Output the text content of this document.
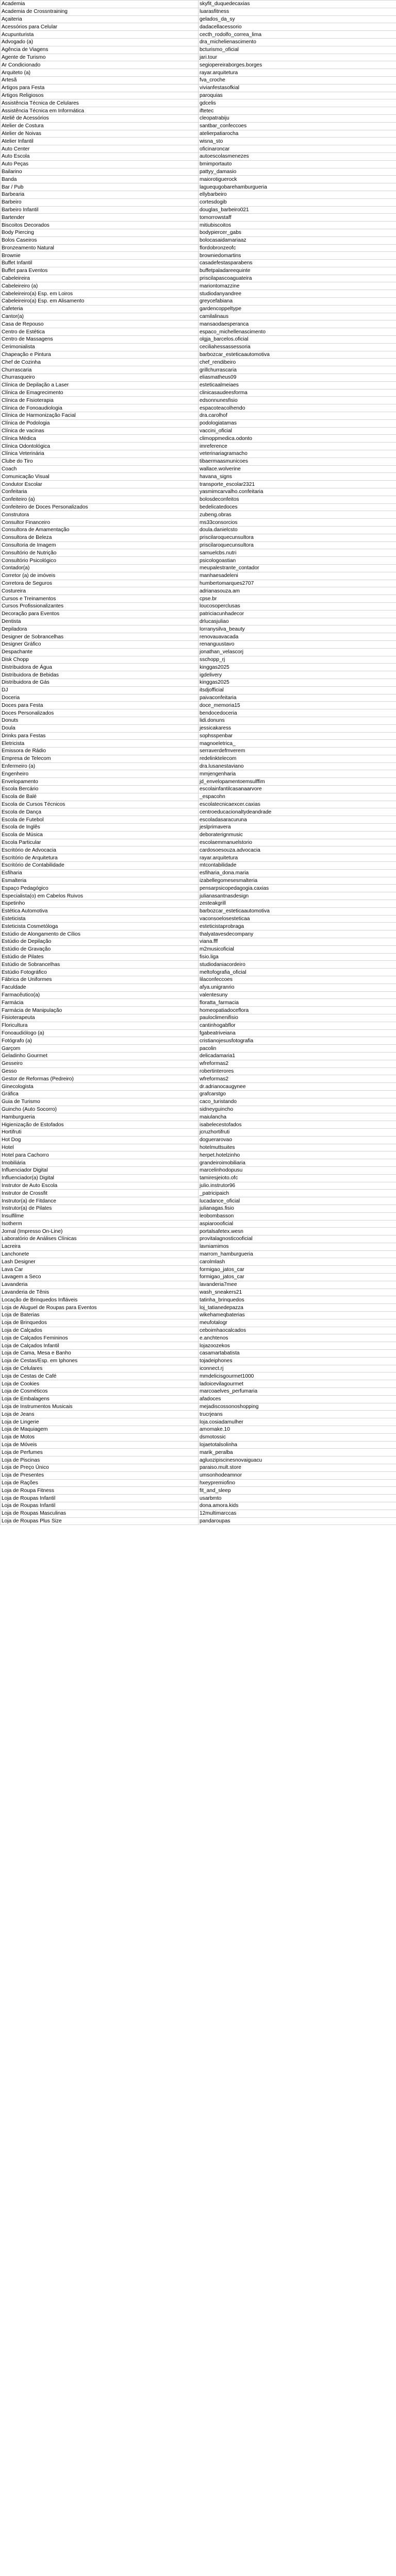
Academia	skyfit_duquedecaxias
Academia de Crossntraining	luarasfitness
Açaiteria	gelados_da_sy
Acessórios para Celular	dadacellacessorio
Acupunturista	cecth_rodolfo_correa_lima
Advogado (a)	dra_michelienascimento
Agência de Viagens	bcturismo_oficial
Agente de Turismo	jari.tour
Ar Condicionado	segiopereiraborges.borges
Arquiteto (a)	rayar.arquitetura
Artesã	fva_croche
Artigos para Festa	vivianfestasofkial
Artigos Religiosos	paroquias
Assistência Técnica de Celulares	gdcelis
Assistência Técnica em Informática	iftetec
Ateliê de Acessórios	cleopatrabiju
Atelier de Costura	santbar_confeccoes
Atelier de Noivas	atelierpatiarocha
Atelier Infantil	wisna_sto
Auto Center	oficinaroncar
Auto Escola	autoescolasmenezes
Auto Peças	bmimportauto
Bailarino	pattyy_damasio
Banda	maiorotiguerock
Bar / Pub	laguequgobarehamburgueria
Barbearia	ellybarbeiro
Barbeiro	cortesdogib
Barbeiro Infantil	douglas_barbeiro021
Bartender	tomorrowstaff
Biscoitos Decorados	mitiubiscoitos
Body Piercing	bodypiercer_gabs
Bolos Caseiros	bolocasaidamariaaz
Bronzeamento Natural	flordobronzeofc
Brownie	browniedomartins
Buffet Infantil	casadefestasparabens
Buffet para Eventos	buffetpaladareequinte
Cabeleireira	priscilapascoaguateira
Cabeleireiro (a)	mariontomazzine
Cabeleireiro(a) Esp. em Loiros	studiodanyandree
Cabeleireiro(a) Esp. em Alisamento	greycefabiana
Cafeteria	gardencoppeltype
Cantor(a)	camilalinaus
Casa de Repouso	mansaodaesperanca
Centro de Estética	espaco_michellenascimento
Centro de Massagens	olgja_barcelos.oficial
Cerimonialista	ceciliahessassessoria
Chapeação e Pintura	barbozcar_esteticaautomotiva
Chef de Cozinha	chef_rendibeiro
Churrascaria	grillchurrascaria
Churrasqueiro	eliasmatheus09
Clínica de Depilação a Laser	esteticaalmeiaes
Clínica de Emagrecimento	clinicasaudeesforma
Clínica de Fisioterapia	edsonnunesfisio
Clínica de Fonoaudiologia	espacoteacolhendo
Clínica de Harmonização Facial	dra.carolhof
Clínica de Podologia	podologiatamas
Clínica de vacinas	vaccini_oficial
Clínica Médica	climoppmedica.odonto
Clínica Odontológica	imreference
Clínica Veterinária	veterinariagramacho
Clube do Tiro	tibaermaasmunicoes
Coach	wallace.wolverine
Comunicação Visual	havana_signs
Condutor Escolar	transporte_escolar2321
Confeitaria	yasmimcarvalho.confeitaria
Confeiteiro (a)	bolosdeconfeitos
Confeiteiro de Doces Personalizados	bedelicatedoces
Construtora	zubeng.obras
Consultor Financeiro	ms33consorcios
Consultora de Amamentação	doula.danielcsto
Consultora de Beleza	priscilaroquecunsultora
Consultoria de Imagem	priscilaroquecunsultora
Consultório de Nutrição	samuelcbs.nutri
Consultório Psicológico	psicologoastian
Contador(a)	meupalestrante_contador
Corretor (a) de imóveis	manhaesadeleni
Corretora de Seguros	humbertomarques2707
Costureira	adrianasouza.am
Cursos e Treinamentos	cpse.br
Cursos Profissionalizantes	loucosoperclusas
Decoração para Eventos	patriciacunhadecor
Dentista	drlucasjuliao
Depiladora	lorranysilva_beauty
Designer de Sobrancelhas	renovauavacada
Designer Gráfico	renanguustavo
Despachante	jonathan_velascorj
Disk Chopp	sschopp_rj
Distribuidora de Água	kinggas2025
Distribuidora de Bebidas	igdelivery
Distribuidora de Gás	kinggas2025
DJ	itsdjofficial
Doceria	paivaconfeitaria
Doces para Festa	doce_memoria15
Doces Personalizados	bendocedoceria
Donuts	lidi.donuns
Doula	jessicakaress
Drinks para Festas	sophsspenbar
Eletricista	magnoeletrica_
Emissora de Rádio	serraverdefmverem
Empresa de Telecom	redelinktelecom
Enfermeiro (a)	dra.lusanestaviano
Engenheiro	mmjengenharia
Envelopamento	jd_envelopamentoemsulffim
Escola Bercário	escolainfantilcasanaarvore
Escola de Balé	_espacohn
Escola de Cursos Técnicos	escolatecnicaexcer.caxias
Escola de Dança	centroeducacionaltydeandrade
Escola de Futebol	escoladasaracuruna
Escola de Inglês	jeslprimavera
Escola de Música	deboraterignmusic
Escola Particular	escolaemmanuelstorio
Escritório de Advocacia	cardosoesouza.advocacia
Escritório de Arquitetura	rayar.arquitetura
Escritório de Contabilidade	mtcontabilidade
Esfiharia	esfiharia_dona.maria
Esmalteria	izabellegomesesmalteria
Espaço Pedagógico	pensarpsicopedagogia.caxias
Especialista(o) em Cabelos Ruivos	julianasantnasdesign
Espetinho	zesteakgrill
Estética Automotiva	barbozcar_esteticaautomotiva
Esteticista	vaconsoelosesteticaa
Esteticista Cosmetóloga	esteticistaprobraga
Estúdio de Alongamento de Cílios	thalyatavesdecompany
Estúdio de Depilação	viana.fff
Estúdio de Gravação	m2musicoficial
Estúdio de Pilates	fisio.liga
Estúdio de Sobrancelhas	studiodaniacordeiro
Estúdio Fotográfico	meltofografia_oficial
Fábrica de Uniformes	lilaconfeccoes
Faculdade	afya.unigranrio
Farmacêutico(a)	valentesuny
Farmácia	floratta_farmacia
Farmácia de Manipulação	homeopatiadoceflora
Fisioterapeuta	pauloclimenifisio
Floricultura	cantinhogabflor
Fonoaudiólogo (a)	fgabeatriveiana
Fotógrafo (a)	cristianojesusfotografia
Garçom	pacolin
Geladinho Gourmet	delicadamaria1
Gesseiro	wfreformas2
Gesso	robertinterores
Gestor de Reformas (Pedreiro)	wfreformas2
Ginecologista	dr.adrianocaugynee
Gráfica	grafcarstgo
Guia de Turismo	caco_turistando
Guincho (Auto Socorro)	sidneyguincho
Hamburgueria	maiulancha
Higienização de Estofados	isabelecestofados
Hortifruti	jcruzhortifruti
Hot Dog	doguerarovao
Hotel	hotelmuttsuites
Hotel para Cachorro	herpet.hotelzinho
Imobiliária	grandeiroimobiliaria
Influenciador Digital	marcelinhodopusu
Influenciador(a) Digital	tamiresjeioto.ofc
Instrutor de Auto Escola	julio.instrutor96
Instrutor de Crossfit	_patricipaich
Instrutor(a) de Fitdance	lucadance_oficial
Instrutor(a) de Pilates	julianagas.fisio
Insulfilme	leobombasson
Isotherm	aspiaroooficial
Jornal (Impresso On-Line)	portalsafetex.wesn
Laboratório de Análises Clínicas	provitalagnosticooficial
Lacreira	lavniamimos
Lanchonete	marrom_hamburgueria
Lash Designer	carolmlash
Lava Car	formigao_jatos_car
Lavagem a Seco	formigao_jatos_car
Lavanderia	lavanderia7mee
Lavanderia de Tênis	wash_sneakers21
Locação de Brinquedos Infláveis	tatinha_brinquedos
Loja de Aluguel de Roupas para Eventos	loj_tatianedepazza
Loja de Baterias	wikehameqbaterias
Loja de Brinquedos	meufotalogr
Loja de Calçados	ceboimhaocalcados
Loja de Calçados Femininos	e.anchtenos
Loja de Calçados Infantil	lojazoozekos
Loja de Cama, Mesa e Banho	casamartabatista
Loja de Cestas/Esp. em Iphones	tojadeiphones
Loja de Celulares	iconnect.rj
Loja de Cestas de Café	mmdelicisgourmet1000
Loja de Cookies	ladoicevilagourmet
Loja de Cosméticos	marcoaelves_perfumaria
Loja de Embalagens	afadoces
Loja de Instrumentos Musicais	mejadiscossonoshopping
Loja de Jeans	trucrjeans
Loja de Lingerie	loja.cosiadamulher
Loja de Maquiagem	amomake.10
Loja de Motos	dsmotossic
Loja de Móveis	lojaetotalsolinha
Loja de Perfumes	marik_peralba
Loja de Piscinas	agluozipiscinesnovaiguacu
Loja de Preço Único	paraiso.mult.store
Loja de Presentes	umsonhodeamnor
Loja de Rações	hxeypremiofino
Loja de Roupa Fitness	fit_and_sleep
Loja de Roupas Infantil	usarbmto
Loja de Roupas Infantil	dona.amora.kids
Loja de Roupas Masculinas	12multimarccas
Loja de Roupas Plus Size	pandaroupas
